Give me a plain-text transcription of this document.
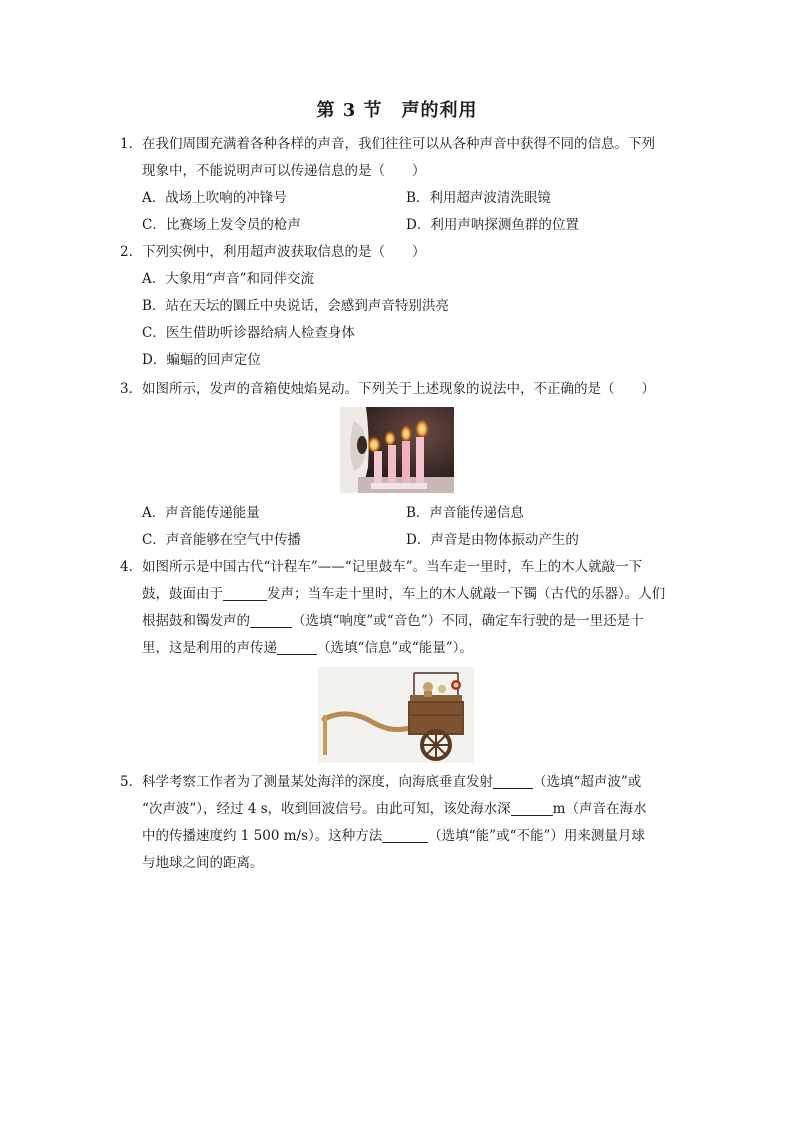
第 3 节　声的利用
1．在我们周围充满着各种各样的声音，我们往往可以从各种声音中获得不同的信息。下列
现象中，不能说明声可以传递信息的是（　　）
A．战场上吹响的冲锋号	B．利用超声波清洗眼镜
C．比赛场上发令员的枪声	D．利用声呐探测鱼群的位置
2．下列实例中，利用超声波获取信息的是（　　）
A．大象用“声音”和同伴交流
B．站在天坛的圜丘中央说话，会感到声音特别洪亮
C．医生借助听诊器给病人检查身体
D．蝙蝠的回声定位
3．如图所示，发声的音箱使烛焰晃动。下列关于上述现象的说法中，不正确的是（　　）
A．声音能传递能量	B．声音能传递信息
C．声音能够在空气中传播	D．声音是由物体振动产生的
4．如图所示是中国古代“计程车”——“记里鼓车”。当车走一里时，车上的木人就敲一下
鼓，鼓面由于	发声；当车走十里时，车上的木人就敲一下镯（古代的乐器）。人们
根据鼓和镯发声的	（选填“响度”或“音色”）不同，确定车行驶的是一里还是十
里，这是利用的声传递	（选填“信息”或“能量”）。
5．科学考察工作者为了测量某处海洋的深度，向海底垂直发射	（选填“超声波”或
“次声波”），经过 4 s，收到回波信号。由此可知，该处海水深	m（声音在海水
中的传播速度约 1 500 m/s）。这种方法	（选填“能”或“不能”）用来测量月球
与地球之间的距离。
